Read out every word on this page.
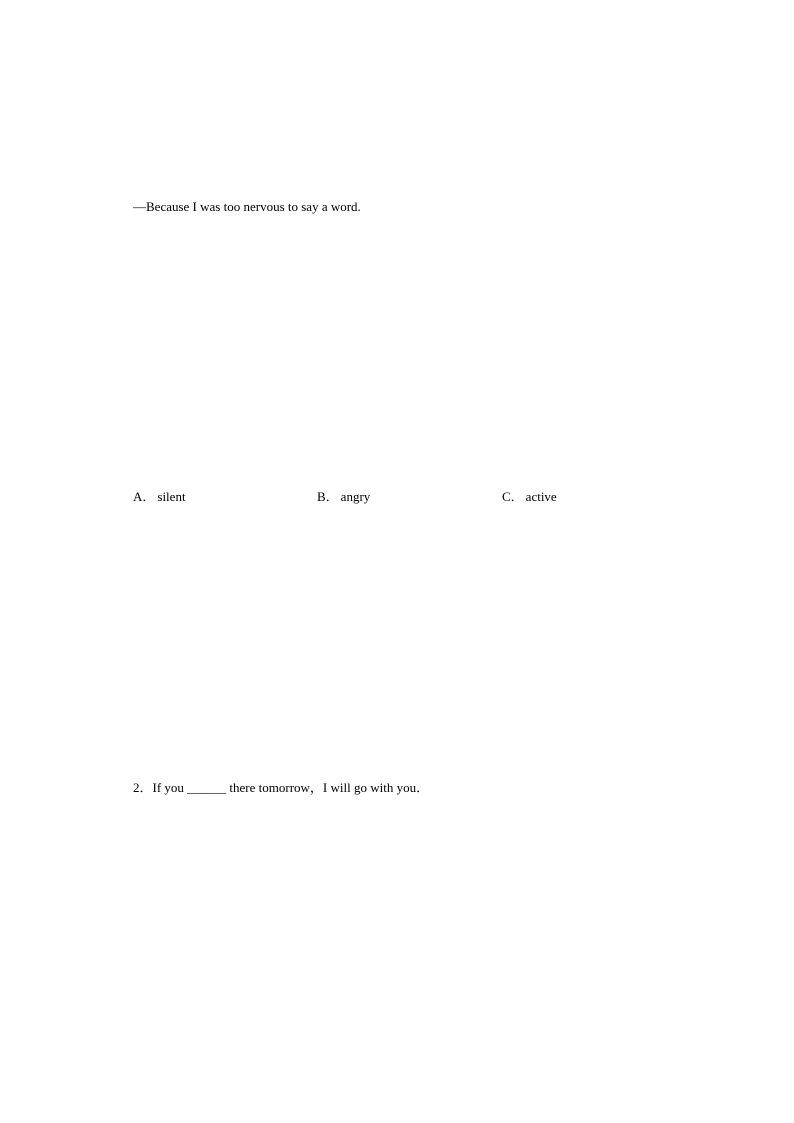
—Because I was too nervous to say a word.
A． silent	B． angry	C． active
2．If you ______ there tomorrow，I will go with you．
